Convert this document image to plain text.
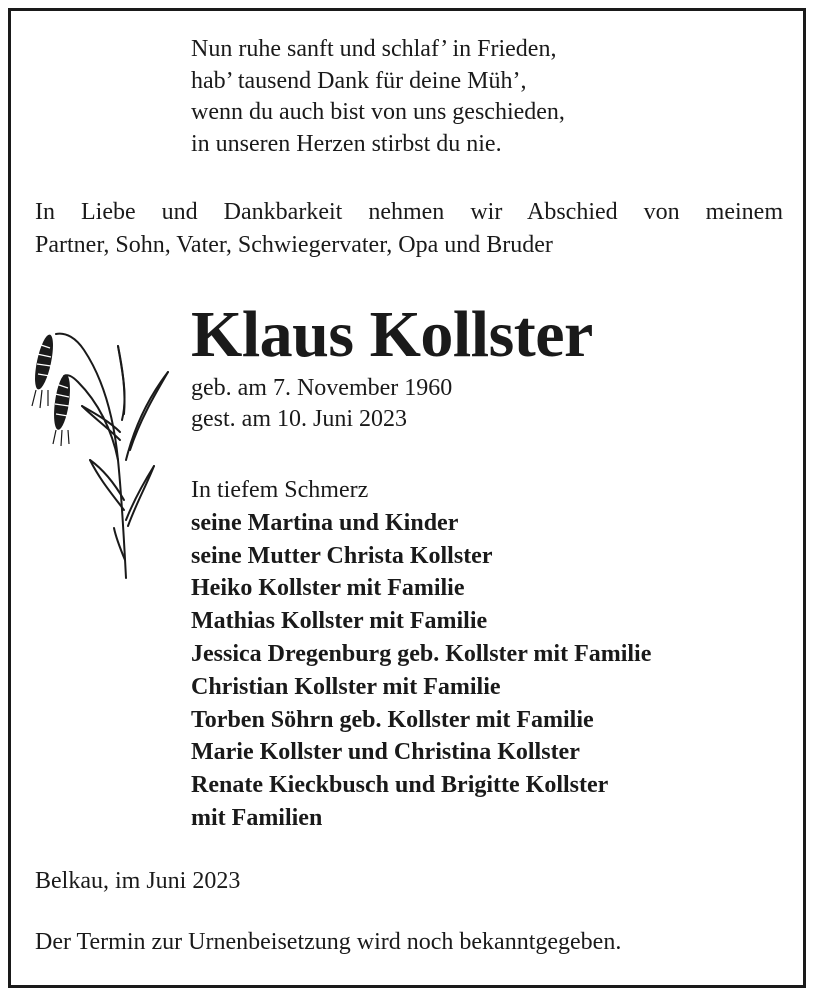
Nun ruhe sanft und schlaf’ in Frieden,
hab’ tausend Dank für deine Müh’,
wenn du auch bist von uns geschieden,
in unseren Herzen stirbst du nie.
In Liebe und Dankbarkeit nehmen wir Abschied von meinem
Partner, Sohn, Vater, Schwiegervater, Opa und Bruder
Klaus Kollster
geb. am 7. November 1960
gest. am 10. Juni 2023
In tiefem Schmerz
seine Martina und Kinder
seine Mutter Christa Kollster
Heiko Kollster mit Familie
Mathias Kollster mit Familie
Jessica Dregenburg geb. Kollster mit Familie
Christian Kollster mit Familie
Torben Söhrn geb. Kollster mit Familie
Marie Kollster und Christina Kollster
Renate Kieckbusch und Brigitte Kollster
mit Familien
Belkau, im Juni 2023
Der Termin zur Urnenbeisetzung wird noch bekanntgegeben.
